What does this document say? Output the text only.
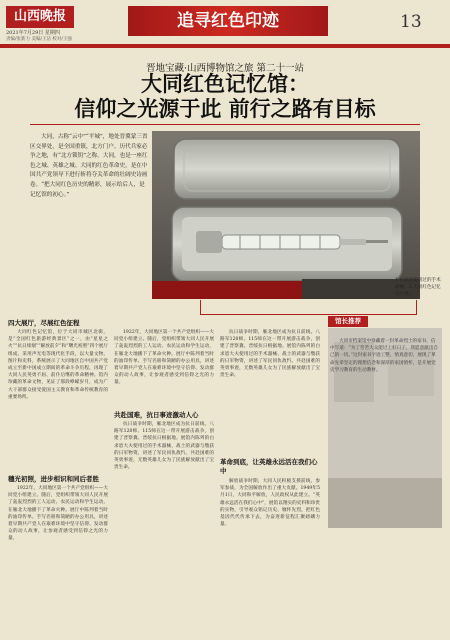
山西晚报
2021年7月29日 星期四
责编/张新力 美编/王洁 校对/王强
追寻红色印迹	13
晋地宝藏·山西博物馆之旅 第二十一站
大同红色记忆馆：
信仰之光源于此 前行之路有目标
大同，古称“云中”“平城”，地处晋冀蒙三省区交界处，是全国重镇，北方门户。历代兵家必争之地，有“北方锁钥”之称。大同，也是一座红色之城、英雄之城。大同的红色革命史，是在中国共产党领导下进行斩将夺关革命的壮阔史诗画卷。“把大同红色历史的精彩，展示给后人，是记忆馆的初心。”
1.白求恩使用过的手术器械；2.大同红色记忆馆内景。
四大展厅，尽展红色征程
大同红色记忆馆，位于大同市城区北街，是“全国红色旅游经典景区”之一，由“星星之火”“抗日烽烟”“解放前夕”和“曙光初照”四个展厅组成，采用声光电等现代化手段，以大量文物、图片和史料，系统展示了大同地区自中国共产党成立至新中国成立期间的革命斗争历程，再现了大同人民英勇不屈、前仆后继的革命精神。馆内珍藏的革命文物，见证了那段峥嵘岁月，成为广大干部群众接受爱国主义教育和革命传统教育的重要场所。
穗光初照，迸步相识和同后者胜
1922年，大同地区第一个共产党组织——大同党小组建立。随后，党组织带领大同人民开展了轰轰烈烈的工人运动、农民运动和学生运动，在雁北大地播下了革命火种。展厅中陈列着当时的油印传单、手写名册和简陋的办公用具，讲述着早期共产党人在艰难环境中坚守信仰、发动群众的动人故事，让参观者感受到信仰之光的力量。
1922年，大同地区第一个共产党组织——大同党小组建立。随后，党组织带领大同人民开展了轰轰烈烈的工人运动、农民运动和学生运动，在雁北大地播下了革命火种。展厅中陈列着当时的油印传单、手写名册和简陋的办公用具，讲述着早期共产党人在艰难环境中坚守信仰、发动群众的动人故事，让参观者感受到信仰之光的力量。
共赴国难，抗日事迹激动人心
抗日战争时期，雁北地区成为抗日前线。八路军120师、115师在这一带开展游击战争，创建了晋察冀、晋绥抗日根据地。展馆内陈列的白求恩大夫使用过的手术器械、战士的武器与缴获的日军物资，讲述了军民同仇敌忾、共赴国难的英勇事迹，无数英雄儿女为了民族解放献出了宝贵生命。
抗日战争时期，雁北地区成为抗日前线。八路军120师、115师在这一带开展游击战争，创建了晋察冀、晋绥抗日根据地。展馆内陈列的白求恩大夫使用过的手术器械、战士的武器与缴获的日军物资，讲述了军民同仇敌忾、共赴国难的英勇事迹，无数英雄儿女为了民族解放献出了宝贵生命。
革命到底，让英雄永远活在我们心中
解放战争时期，大同人民积极支援前线，参军参战，为全国解放作出了重大贡献。1949年5月1日，大同和平解放，人民政权从此建立。“英雄永远活在我们心中”，展馆以翔实的史料和珍贵的实物，引导观众铭记历史、缅怀先烈，把红色基因代代传承下去，为奋进新征程汇聚磅礴力量。
馆长推荐
大同市档案馆中珍藏着一封革命烈士的家书，信中写道：“为了劳苦大众能过上好日子，我愿意献出自己的一切。”这封家书字迹工整、情真意切，展现了革命先辈坚定的理想信念和深厚的家国情怀，是开展党史学习教育的生动教材。
